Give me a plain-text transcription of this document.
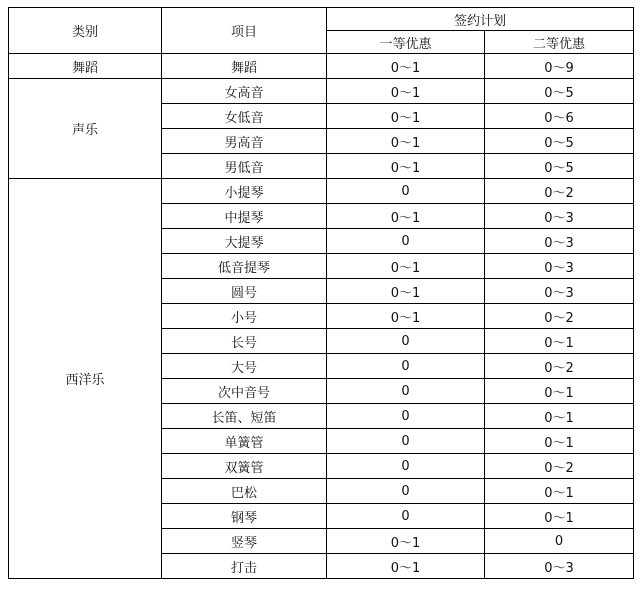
类别	项目	签约计划	
		一等优惠	二等优惠
舞蹈	舞蹈	0～1	0～9
声乐	女高音	0～1	0～5
	女低音	0～1	0～6
	男高音	0～1	0～5
	男低音	0～1	0～5
西洋乐	小提琴	0	0～2
	中提琴	0～1	0～3
	大提琴	0	0～3
	低音提琴	0～1	0～3
	圆号	0～1	0～3
	小号	0～1	0～2
	长号	0	0～1
	大号	0	0～2
	次中音号	0	0～1
	长笛、短笛	0	0～1
	单簧管	0	0～1
	双簧管	0	0～2
	巴松	0	0～1
	钢琴	0	0～1
	竖琴	0～1	0
	打击	0～1	0～3
